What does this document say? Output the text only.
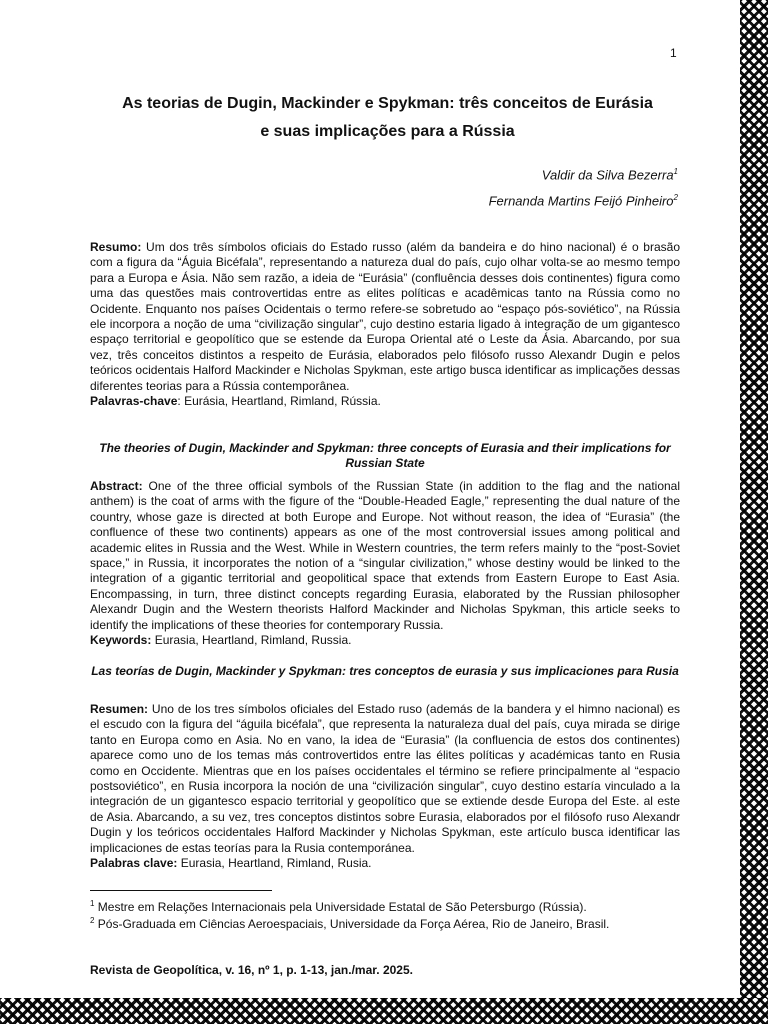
1
As teorias de Dugin, Mackinder e Spykman: três conceitos de Eurásia
e suas implicações para a Rússia
Valdir da Silva Bezerra$^1$
Fernanda Martins Feijó Pinheiro$^2$
Resumo: Um dos três símbolos oficiais do Estado russo (além da bandeira e do hino nacional) é o brasão com a figura da “Águia Bicéfala”, representando a natureza dual do país, cujo olhar volta-se ao mesmo tempo para a Europa e Ásia. Não sem razão, a ideia de “Eurásia” (confluência desses dois continentes) figura como uma das questões mais controvertidas entre as elites políticas e acadêmicas tanto na Rússia como no Ocidente. Enquanto nos países Ocidentais o termo refere-se sobretudo ao “espaço pós-soviético”, na Rússia ele incorpora a noção de uma “civilização singular”, cujo destino estaria ligado à integração de um gigantesco espaço territorial e geopolítico que se estende da Europa Oriental até o Leste da Ásia. Abarcando, por sua vez, três conceitos distintos a respeito de Eurásia, elaborados pelo filósofo russo Alexandr Dugin e pelos teóricos ocidentais Halford Mackinder e Nicholas Spykman, este artigo busca identificar as implicações dessas diferentes teorias para a Rússia contemporânea.
Palavras-chave: Eurásia, Heartland, Rimland, Rússia.
The theories of Dugin, Mackinder and Spykman: three concepts of Eurasia and their implications for Russian State
Abstract: One of the three official symbols of the Russian State (in addition to the flag and the national anthem) is the coat of arms with the figure of the “Double-Headed Eagle,” representing the dual nature of the country, whose gaze is directed at both Europe and Europe. Not without reason, the idea of “Eurasia” (the confluence of these two continents) appears as one of the most controversial issues among political and academic elites in Russia and the West. While in Western countries, the term refers mainly to the “post-Soviet space,” in Russia, it incorporates the notion of a “singular civilization,” whose destiny would be linked to the integration of a gigantic territorial and geopolitical space that extends from Eastern Europe to East Asia. Encompassing, in turn, three distinct concepts regarding Eurasia, elaborated by the Russian philosopher Alexandr Dugin and the Western theorists Halford Mackinder and Nicholas Spykman, this article seeks to identify the implications of these theories for contemporary Russia.
Keywords: Eurasia, Heartland, Rimland, Russia.
Las teorías de Dugin, Mackinder y Spykman: tres conceptos de eurasia y sus implicaciones para Rusia
Resumen: Uno de los tres símbolos oficiales del Estado ruso (además de la bandera y el himno nacional) es el escudo con la figura del “águila bicéfala”, que representa la naturaleza dual del país, cuya mirada se dirige tanto en Europa como en Asia. No en vano, la idea de “Eurasia” (la confluencia de estos dos continentes) aparece como uno de los temas más controvertidos entre las élites políticas y académicas tanto en Rusia como en Occidente. Mientras que en los países occidentales el término se refiere principalmente al “espacio postsoviético”, en Rusia incorpora la noción de una “civilización singular”, cuyo destino estaría vinculado a la integración de un gigantesco espacio territorial y geopolítico que se extiende desde Europa del Este. al este de Asia. Abarcando, a su vez, tres conceptos distintos sobre Eurasia, elaborados por el filósofo ruso Alexandr Dugin y los teóricos occidentales Halford Mackinder y Nicholas Spykman, este artículo busca identificar las implicaciones de estas teorías para la Rusia contemporánea.
Palabras clave: Eurasia, Heartland, Rimland, Rusia.
$^1$ Mestre em Relações Internacionais pela Universidade Estatal de São Petersburgo (Rússia).
$^2$ Pós-Graduada em Ciências Aeroespaciais, Universidade da Força Aérea, Rio de Janeiro, Brasil.
Revista de Geopolítica, v. 16, nº 1, p. 1-13, jan./mar. 2025.
